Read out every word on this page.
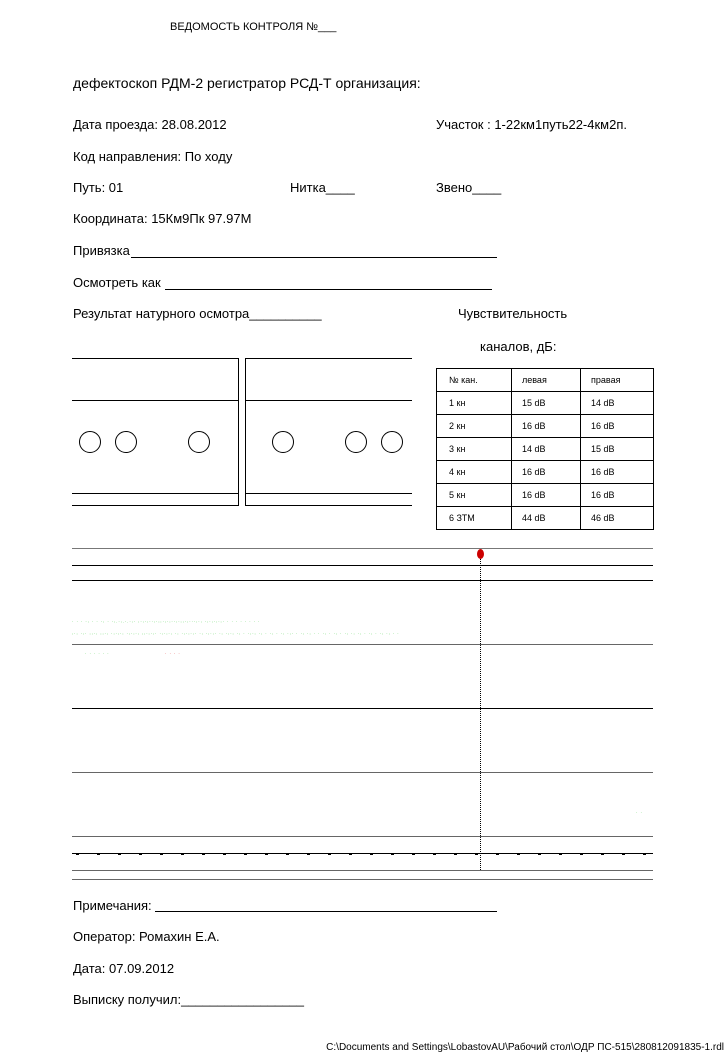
ВЕДОМОСТЬ КОНТРОЛЯ №___
дефектоскоп РДМ-2 регистратор РСД-Т организация:
Дата проезда: 28.08.2012	Участок : 1-22км1путь22-4км2п.
Код направления: По ходу
Путь: 01	Нитка____	Звено____
Координата: 15Км9Пк 97.97М
Привязка
Осмотреть как
Результат натурного осмотра__________	Чувствительность
каналов, дБ:
№ кан.	левая	правая
1 кн	15 dB	14 dB
2 кн	16 dB	16 dB
3 кн	14 dB	15 dB
4 кн	16 dB	16 dB
5 кн	16 dB	16 dB
6 ЗТМ	44 dB	46 dB
· · · ·: · · ·: · ·:.·:.·.·:· :·:·:··:·::·:·:··:·::·:···:·: ·:·:·:·:· · · · · · · · ·
:·: ·:· ::·: ::·: ·:·:·: ·:·:·: ::·:·:· ·:·:·: ·: ·:·:·:· ·: ·:·:· ·: ·:·: ·: · ·:·: ·: · ·: · ·: ·:· · ·: ·: · · ·: · ·: · ·: ·: ·: · ·: · ·: ·: · ·
· · · · · ·	· · · ·
· ·
Примечания:
Оператор: Ромахин Е.А.
Дата: 07.09.2012
Выписку получил:_________________
C:\Documents and Settings\LobastovAU\Рабочий стол\ОДР ПС-515\280812091835-1.rdl
